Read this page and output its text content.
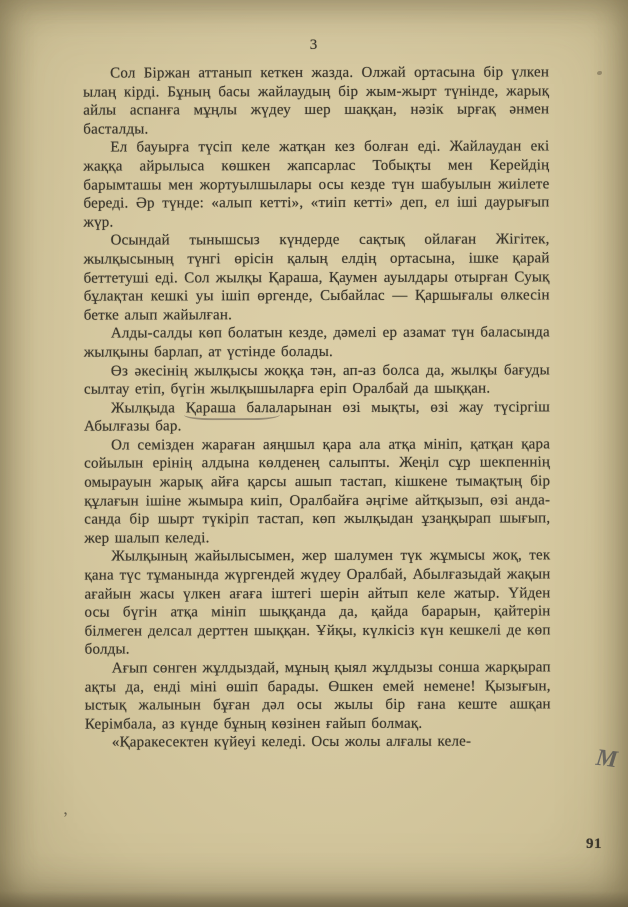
3

Сол Біржан аттанып кеткен жазда. Олжай ортасына бір үлкен ылаң кірді. Бұның басы жайлаудың бір жым-жырт түнінде, жарық айлы аспанға мұңлы жүдеу шер шаққан, нәзік ырғақ әнмен басталды.

Ел бауырға түсіп келе жатқан кез болған еді. Жайлаудан екі жаққа айрылыса көшкен жапсарлас Тобықты мен Керейдің барымташы мен жортуылшылары осы кезде түн шабуылын жиілете береді. Әр түнде: «алып кетті», «тиіп кетті» деп, ел іші даурығып жүр.

Осындай тынышсыз күндерде сақтық ойлаған Жігітек, жылқысының түнгі өрісін қалың елдің ортасына, ішке қарай беттетуші еді. Сол жылқы Қараша, Қаумен ауылдары отырған Суық бұлақтан кешкі уы ішіп өргенде, Сыбайлас — Қаршығалы өлкесін бетке алып жайылған.

Алды-салды көп болатын кезде, дәмелі ер азамат түн баласында жылқыны барлап, ат үстінде болады.

Өз әкесінің жылқысы жоққа тән, ап-аз болса да, жылқы бағуды сылтау етіп, бүгін жылқышыларға еріп Оралбай да шыққан.

Жылқыда Қараша балаларынан өзі мықты, өзі жау түсіргіш Абылғазы бар.

Ол семізден жараған аяңшыл қара ала атқа мініп, қатқан қара сойылын ерінің алдына көлденең салыпты. Жеңіл сұр шекпеннің омырауын жарық айға қарсы ашып тастап, кішкене тымақтың бір құлағын ішіне жымыра киіп, Оралбайға әңгіме айтқызып, өзі анда-санда бір шырт түкіріп тастап, көп жылқыдан ұзаңқырап шығып, жер шалып келеді.

Жылқының жайылысымен, жер шалумен түк жұмысы жоқ, тек қана түс тұманында жүргендей жүдеу Оралбай, Абылғазыдай жақын ағайын жасы үлкен ағаға іштегі шерін айтып келе жатыр. Үйден осы бүгін атқа мініп шыққанда да, қайда барарын, қайтерін білмеген делсал дерттен шыққан. Ұйқы, күлкісіз күн кешкелі де көп болды.

Ағып сөнген жұлдыздай, мұның қыял жұлдызы сонша жарқырап ақты да, енді міні өшіп барады. Өшкен емей немене! Қызығын, ыстық жалынын бұған дәл осы жылы бір ғана кеште ашқан Керімбала, аз күнде бұның көзінен ғайып болмақ.

«Қаракесектен күйеуі келеді. Осы жолы алғалы келе-

М
,
91
